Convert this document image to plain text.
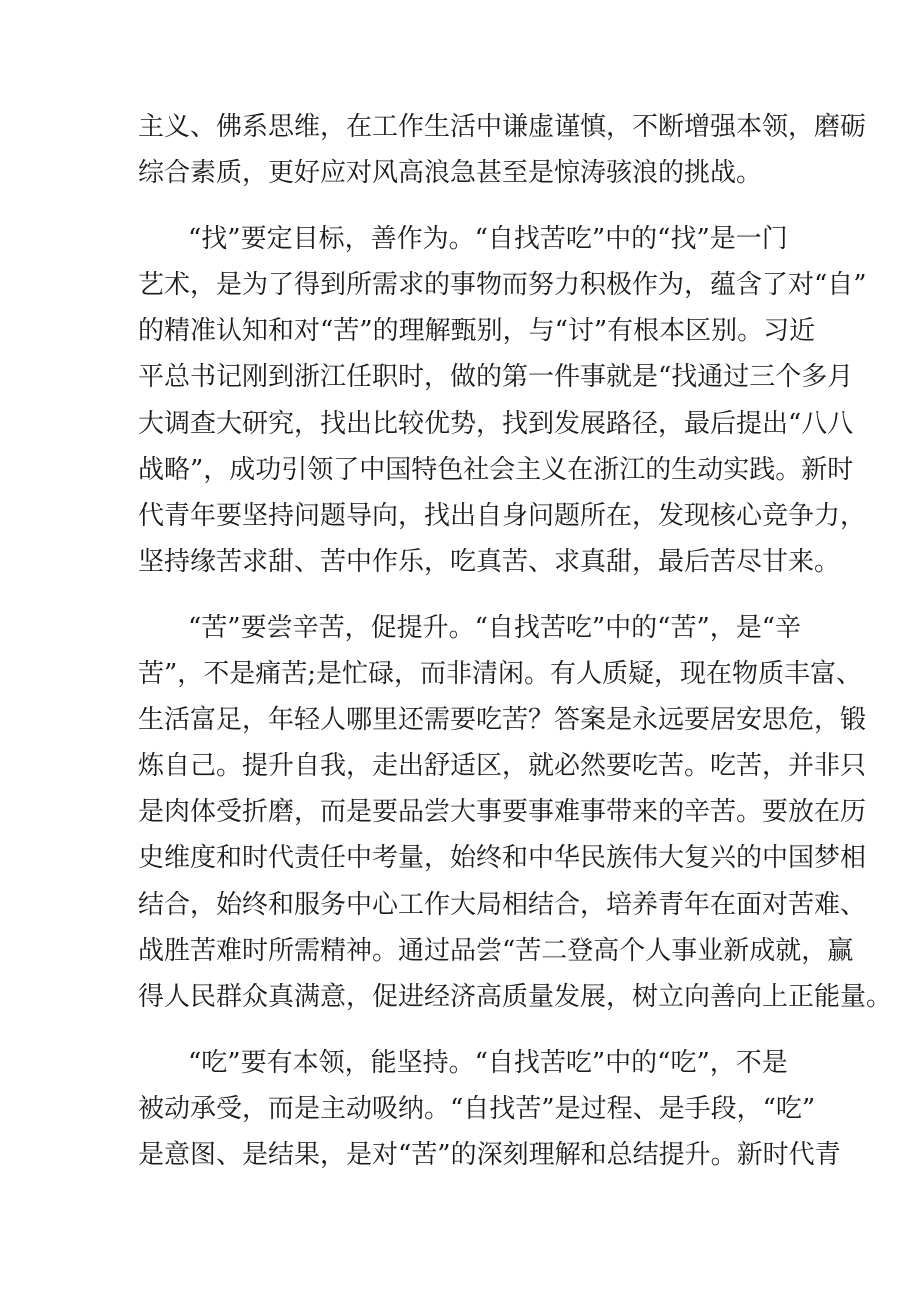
主义、佛系思维，在工作生活中谦虚谨慎，不断增强本领，磨砺
综合素质，更好应对风高浪急甚至是惊涛骇浪的挑战。
“找”要定目标，善作为。“自找苦吃”中的“找”是一门
艺术，是为了得到所需求的事物而努力积极作为，蕴含了对“自”
的精准认知和对“苦”的理解甄别，与“讨”有根本区别。习近
平总书记刚到浙江任职时，做的第一件事就是“找通过三个多月
大调查大研究，找出比较优势，找到发展路径，最后提出“八八
战略”，成功引领了中国特色社会主义在浙江的生动实践。新时
代青年要坚持问题导向，找出自身问题所在，发现核心竞争力，
坚持缘苦求甜、苦中作乐，吃真苦、求真甜，最后苦尽甘来。
“苦”要尝辛苦，促提升。“自找苦吃”中的“苦”，是“辛
苦”，不是痛苦;是忙碌，而非清闲。有人质疑，现在物质丰富、
生活富足，年轻人哪里还需要吃苦？答案是永远要居安思危，锻
炼自己。提升自我，走出舒适区，就必然要吃苦。吃苦，并非只
是肉体受折磨，而是要品尝大事要事难事带来的辛苦。要放在历
史维度和时代责任中考量，始终和中华民族伟大复兴的中国梦相
结合，始终和服务中心工作大局相结合，培养青年在面对苦难、
战胜苦难时所需精神。通过品尝“苦二登高个人事业新成就，赢
得人民群众真满意，促进经济高质量发展，树立向善向上正能量。
“吃”要有本领，能坚持。“自找苦吃”中的“吃”，不是
被动承受，而是主动吸纳。“自找苦”是过程、是手段，“吃”
是意图、是结果，是对“苦”的深刻理解和总结提升。新时代青
